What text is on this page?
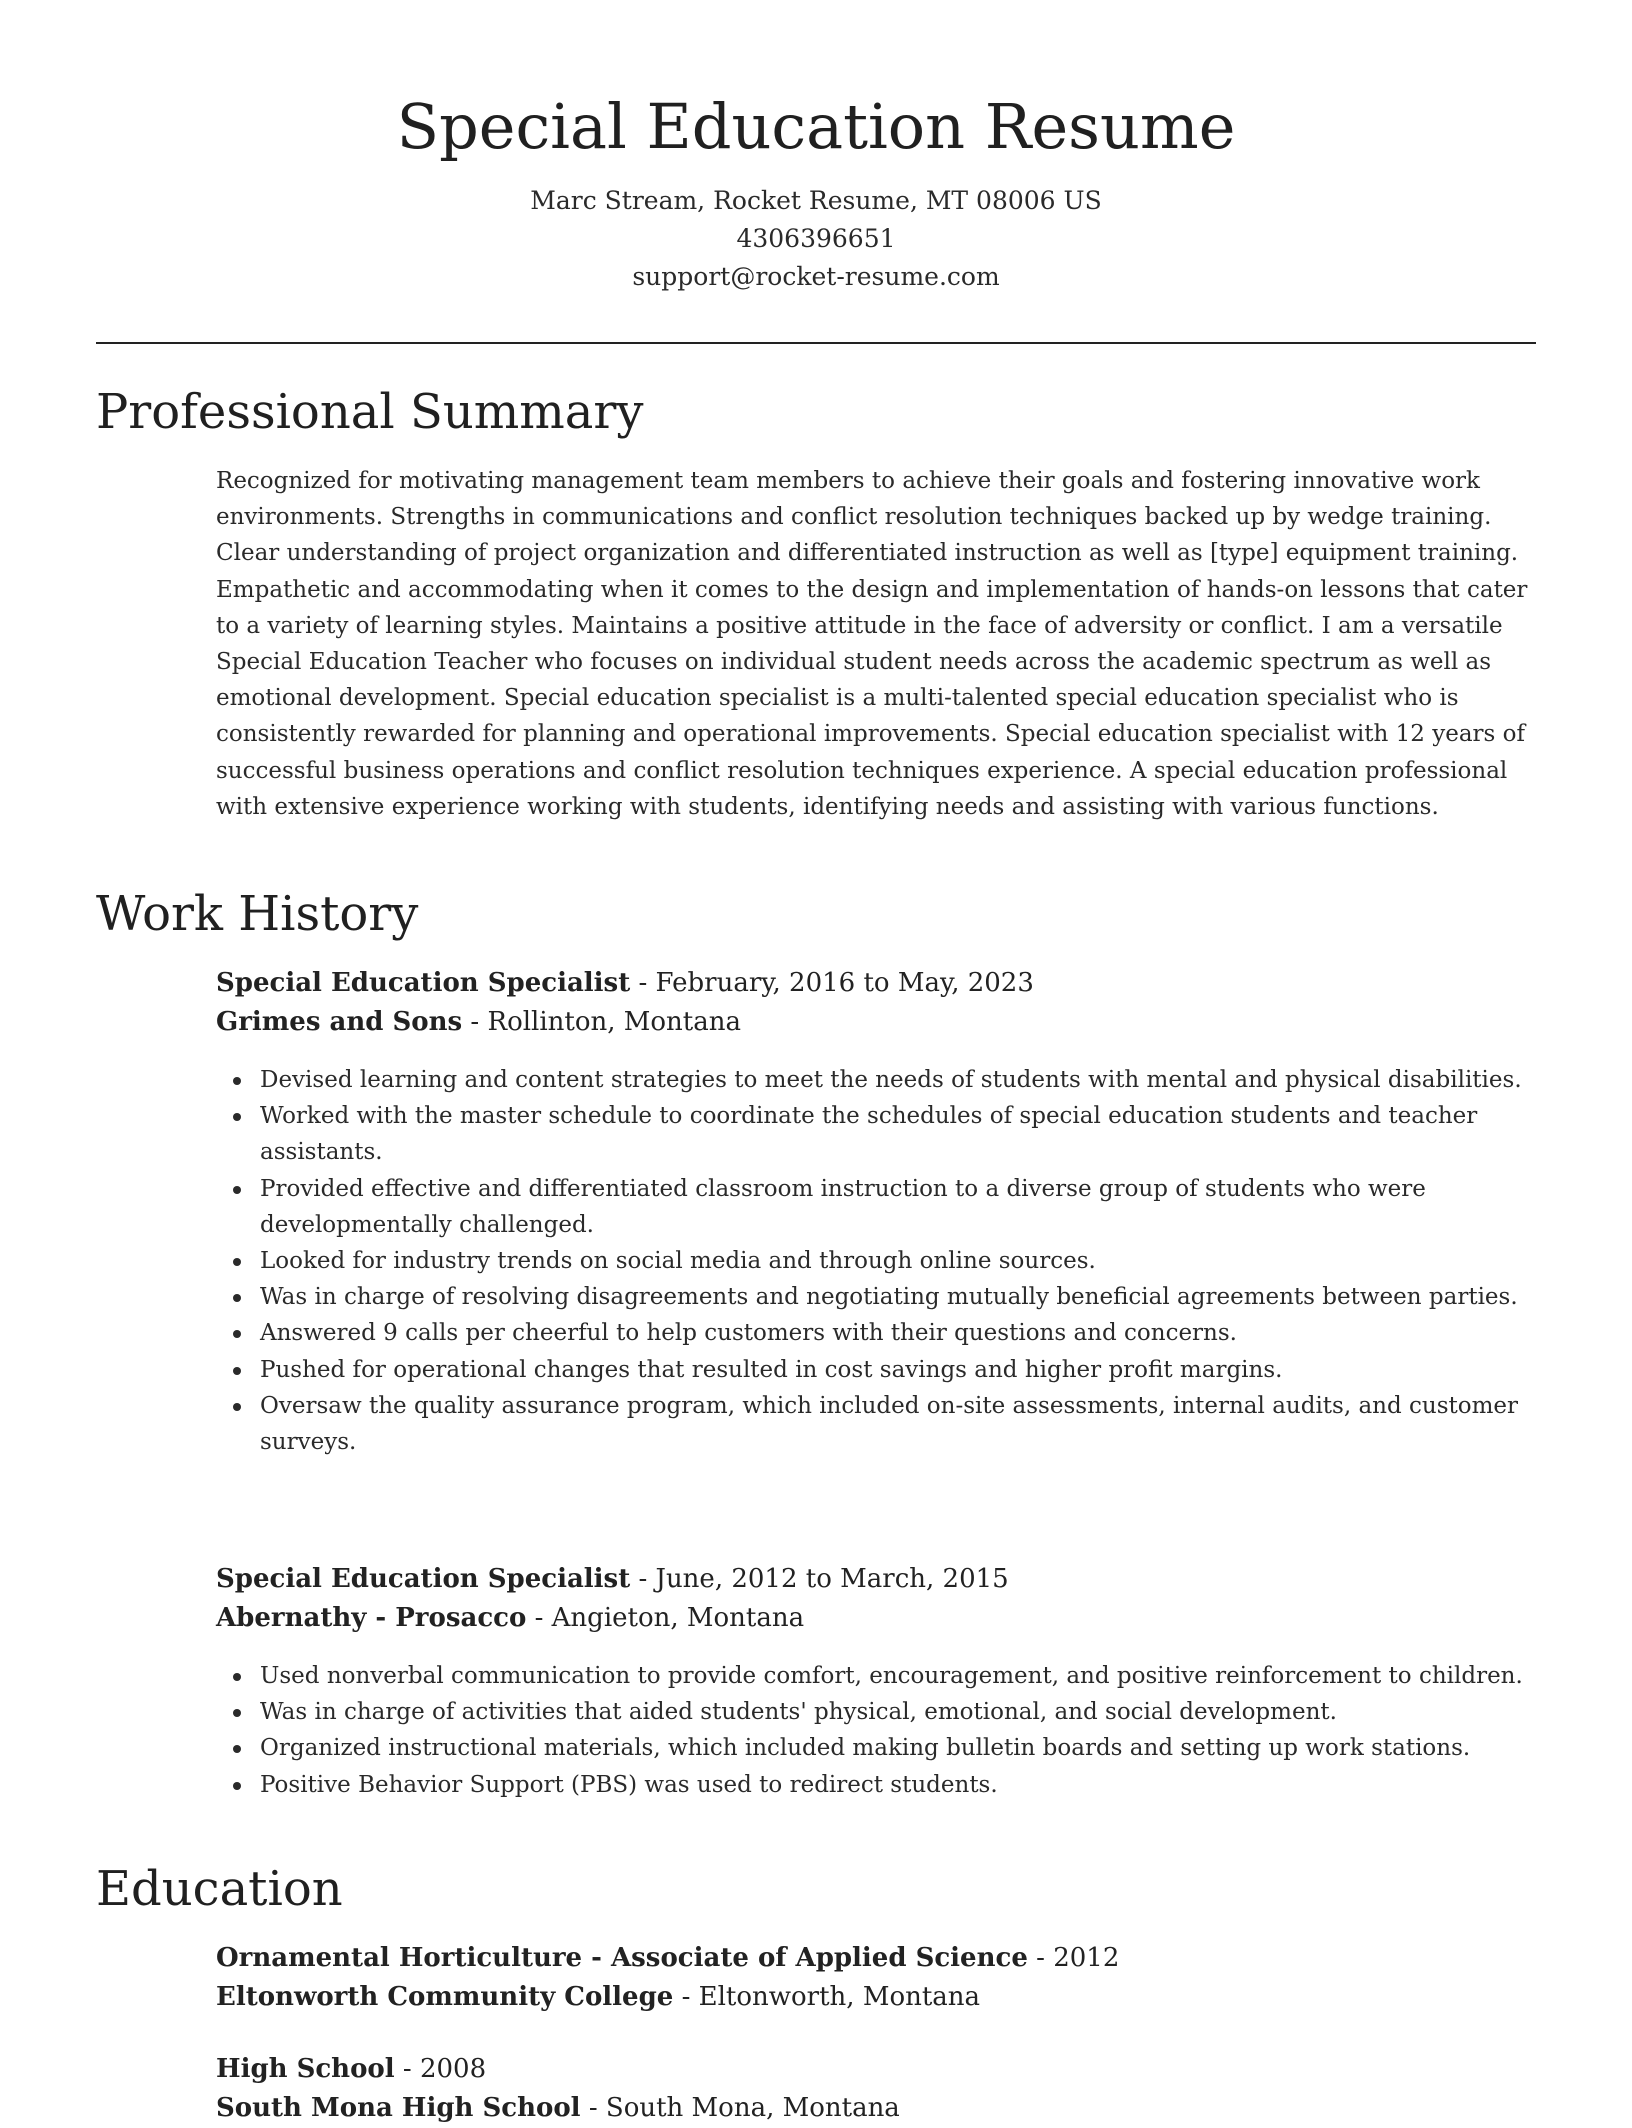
Special Education Resume
Marc Stream, Rocket Resume, MT 08006 US
4306396651
support@rocket-resume.com
Professional Summary

Recognized for motivating management team members to achieve their goals and fostering innovative work environments. Strengths in communications and conflict resolution techniques backed up by wedge training. Clear understanding of project organization and differentiated instruction as well as [type] equipment training. Empathetic and accommodating when it comes to the design and implementation of hands-on lessons that cater to a variety of learning styles. Maintains a positive attitude in the face of adversity or conflict. I am a versatile Special Education Teacher who focuses on individual student needs across the academic spectrum as well as emotional development. Special education specialist is a multi-talented special education specialist who is consistently rewarded for planning and operational improvements. Special education specialist with 12 years of successful business operations and conflict resolution techniques experience. A special education professional with extensive experience working with students, identifying needs and assisting with various functions.

Work History
Special Education Specialist - February, 2016 to May, 2023
Grimes and Sons - Rollinton, Montana
Devised learning and content strategies to meet the needs of students with mental and physical disabilities.
Worked with the master schedule to coordinate the schedules of special education students and teacher assistants.
Provided effective and differentiated classroom instruction to a diverse group of students who were developmentally challenged.
Looked for industry trends on social media and through online sources.
Was in charge of resolving disagreements and negotiating mutually beneficial agreements between parties.
Answered 9 calls per cheerful to help customers with their questions and concerns.
Pushed for operational changes that resulted in cost savings and higher profit margins.
Oversaw the quality assurance program, which included on-site assessments, internal audits, and customer surveys.
Special Education Specialist - June, 2012 to March, 2015
Abernathy - Prosacco - Angieton, Montana
Used nonverbal communication to provide comfort, encouragement, and positive reinforcement to children.
Was in charge of activities that aided students' physical, emotional, and social development.
Organized instructional materials, which included making bulletin boards and setting up work stations.
Positive Behavior Support (PBS) was used to redirect students.
Education
Ornamental Horticulture - Associate of Applied Science - 2012
Eltonworth Community College - Eltonworth, Montana
High School - 2008
South Mona High School - South Mona, Montana
